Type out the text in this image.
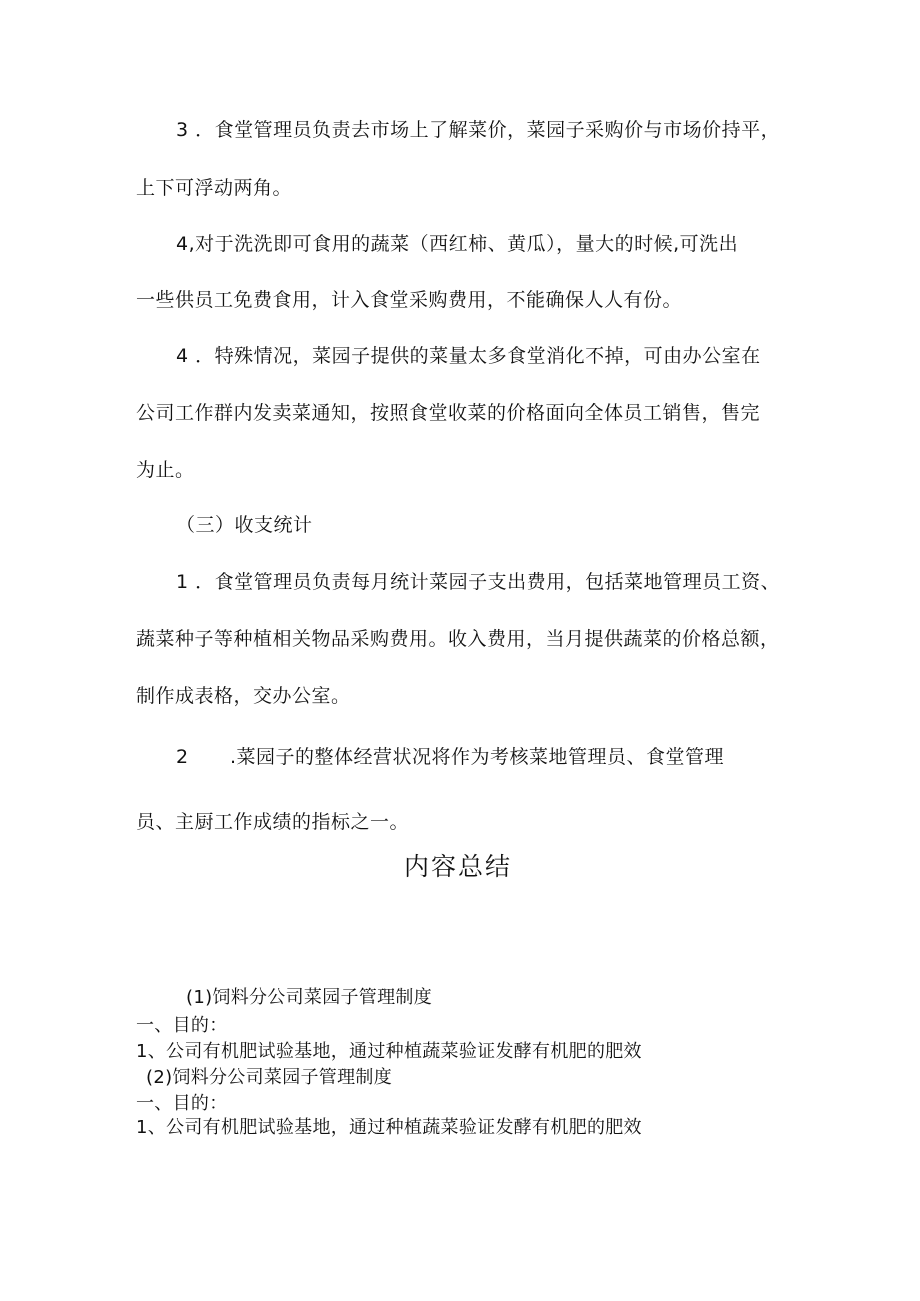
3 ．食堂管理员负责去市场上了解菜价，菜园子采购价与市场价持平，
上下可浮动两角。
4,对于洗洗即可食用的蔬菜（西红柿、黄瓜），量大的时候,可洗出
一些供员工免费食用，计入食堂采购费用，不能确保人人有份。
4 ．特殊情况，菜园子提供的菜量太多食堂消化不掉，可由办公室在
公司工作群内发卖菜通知，按照食堂收菜的价格面向全体员工销售，售完
为止。
（三）收支统计
1 ．食堂管理员负责每月统计菜园子支出费用，包括菜地管理员工资、
蔬菜种子等种植相关物品采购费用。收入费用，当月提供蔬菜的价格总额，
制作成表格，交办公室。
2 .菜园子的整体经营状况将作为考核菜地管理员、食堂管理
员、主厨工作成绩的指标之一。
内容总结
(1)饲料分公司菜园子管理制度
一、目的：
1、公司有机肥试验基地，通过种植蔬菜验证发酵有机肥的肥效
(2)饲料分公司菜园子管理制度
一、目的：
1、公司有机肥试验基地，通过种植蔬菜验证发酵有机肥的肥效
